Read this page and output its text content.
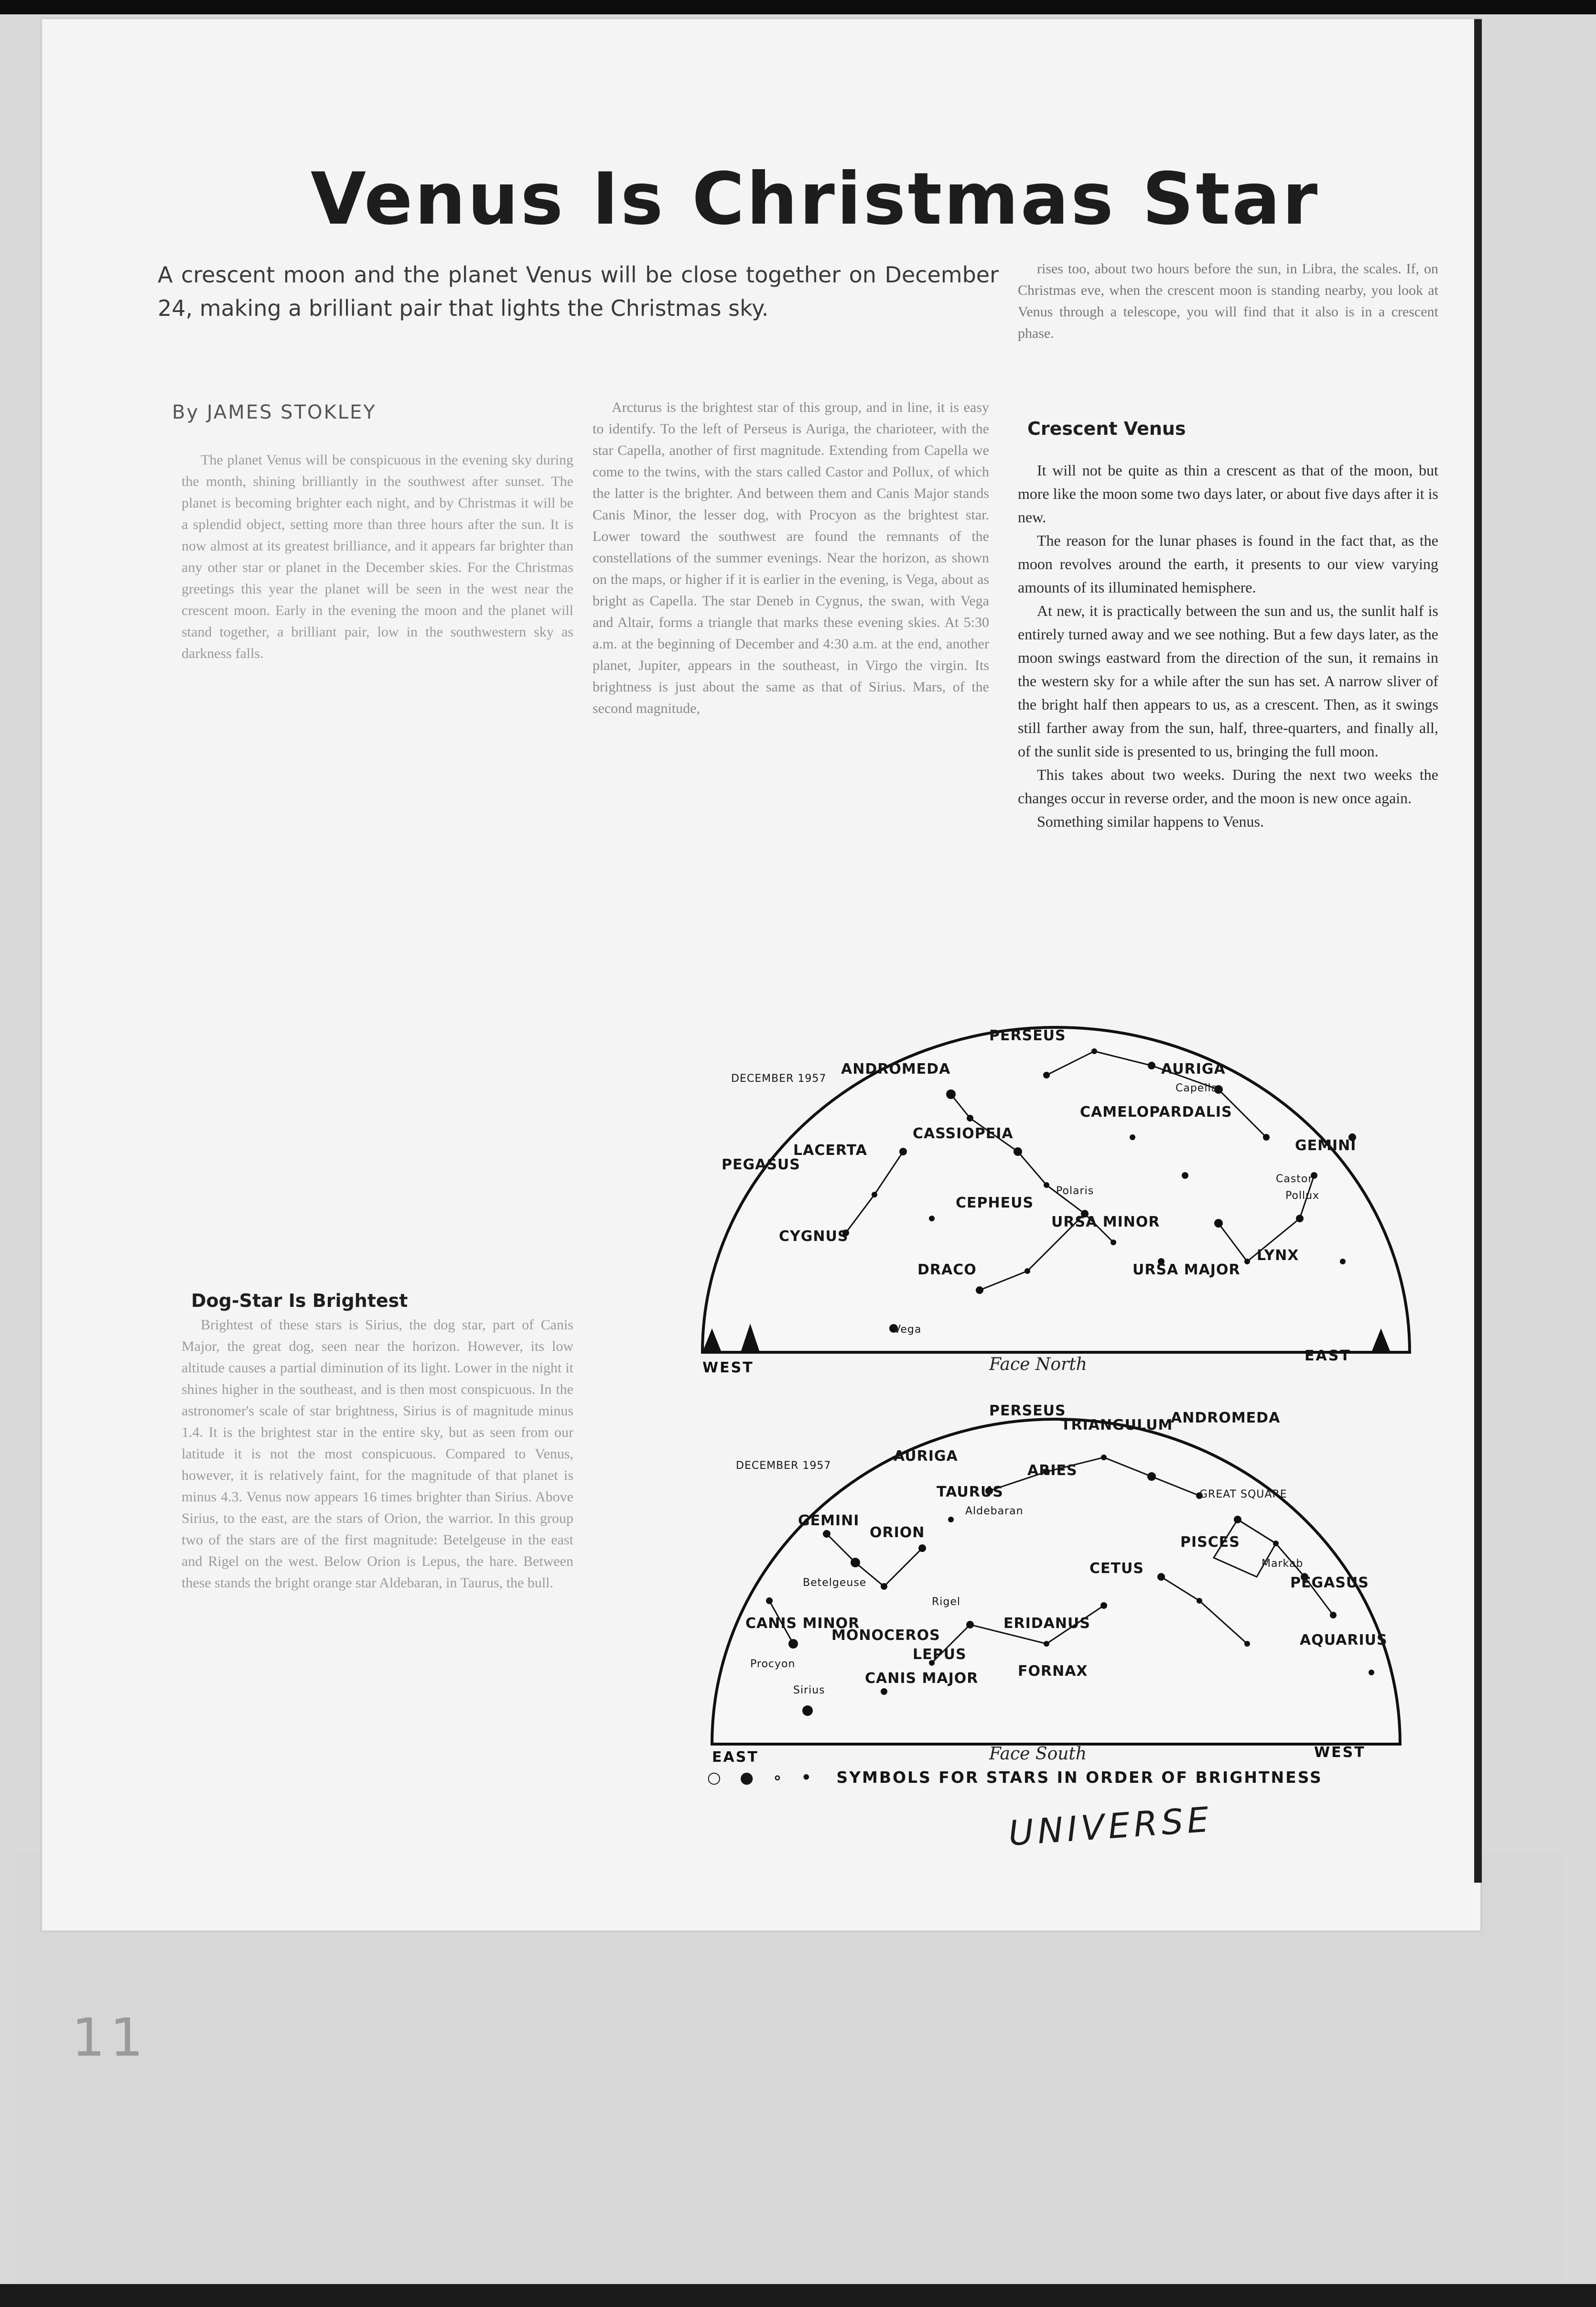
11
Venus Is Christmas Star
A crescent moon and the planet Venus will be close together on December 24, making a brilliant pair that lights the Christmas sky.
By JAMES STOKLEY

The planet Venus will be conspicuous in the evening sky during the month, shining brilliantly in the southwest after sunset. The planet is becoming brighter each night, and by Christmas it will be a splendid object, setting more than three hours after the sun. It is now almost at its greatest brilliance, and it appears far brighter than any other star or planet in the December skies. For the Christmas greetings this year the planet will be seen in the west near the crescent moon. Early in the evening the moon and the planet will stand together, a brilliant pair, low in the southwestern sky as darkness falls.

Arcturus is the brightest star of this group, and in line, it is easy to identify. To the left of Perseus is Auriga, the charioteer, with the star Capella, another of first magnitude. Extending from Capella we come to the twins, with the stars called Castor and Pollux, of which the latter is the brighter. And between them and Canis Major stands Canis Minor, the lesser dog, with Procyon as the brightest star. Lower toward the southwest are found the remnants of the constellations of the summer evenings. Near the horizon, as shown on the maps, or higher if it is earlier in the evening, is Vega, about as bright as Capella. The star Deneb in Cygnus, the swan, with Vega and Altair, forms a triangle that marks these evening skies. At 5:30 a.m. at the beginning of December and 4:30 a.m. at the end, another planet, Jupiter, appears in the southeast, in Virgo the virgin. Its brightness is just about the same as that of Sirius. Mars, of the second magnitude,

rises too, about two hours before the sun, in Libra, the scales. If, on Christmas eve, when the crescent moon is standing nearby, you look at Venus through a telescope, you will find that it also is in a crescent phase.

Crescent Venus

It will not be quite as thin a crescent as that of the moon, but more like the moon some two days later, or about five days after it is new.

The reason for the lunar phases is found in the fact that, as the moon revolves around the earth, it presents to our view varying amounts of its illuminated hemisphere.

At new, it is practically between the sun and us, the sunlit half is entirely turned away and we see nothing. But a few days later, as the moon swings eastward from the direction of the sun, it remains in the western sky for a while after the sun has set. A narrow sliver of the bright half then appears to us, as a crescent. Then, as it swings still farther away from the sun, half, three-quarters, and finally all, of the sunlit side is presented to us, bringing the full moon.

This takes about two weeks. During the next two weeks the changes occur in reverse order, and the moon is new once again.

Something similar happens to Venus.

Dog-Star Is Brightest

Brightest of these stars is Sirius, the dog star, part of Canis Major, the great dog, seen near the horizon. However, its low altitude causes a partial diminution of its light. Lower in the night it shines higher in the southeast, and is then most conspicuous. In the astronomer's scale of star brightness, Sirius is of magnitude minus 1.4. It is the brightest star in the entire sky, but as seen from our latitude it is not the most conspicuous. Compared to Venus, however, it is relatively faint, for the magnitude of that planet is minus 4.3. Venus now appears 16 times brighter than Sirius. Above Sirius, to the east, are the stars of Orion, the warrior. In this group two of the stars are of the first magnitude: Betelgeuse in the east and Rigel on the west. Below Orion is Lepus, the hare. Between these stands the bright orange star Aldebaran, in Taurus, the bull.

DECEMBER 1957
PERSEUS
ANDROMEDA	AURIGA
CAMELOPARDALIS
GEMINI
PEGASUS
LACERTA
CASSIOPEIA
CEPHEUS
CYGNUS
URSA MINOR
DRACO	URSA MAJOR
LYNX
Castor
Pollux
Polaris
Vega
Capella
WEST	Face North	EAST
DECEMBER 1957
PERSEUS
TRIANGULUM
ANDROMEDA
AURIGA
ARIES
TAURUS
GEMINI
ORION
GREAT SQUARE
PISCES
CETUS
PEGASUS
CANIS MINOR
MONOCEROS
ERIDANUS
LEPUS
AQUARIUS
CANIS MAJOR	FORNAX
Procyon
Sirius
Betelgeuse
Rigel
Aldebaran
Markab
EAST	Face South	WEST
○ ● ∘ • SYMBOLS FOR STARS IN ORDER OF BRIGHTNESS
UNIVERSE
